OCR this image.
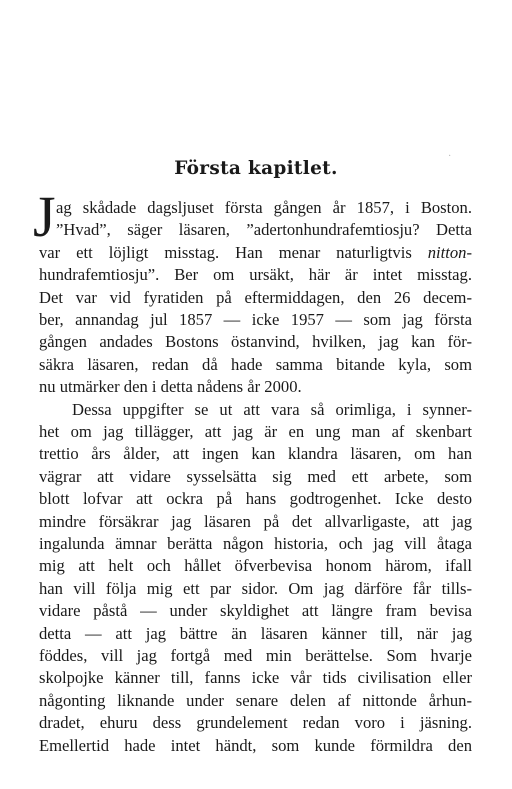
Första kapitlet.
J ag skådade dagsljuset första gången år 1857, i Boston.
”Hvad”, säger läsaren, ”adertonhundrafemtiosju? Detta
var ett löjligt misstag. Han menar naturligtvis nitton-
hundrafemtiosju”. Ber om ursäkt, här är intet misstag.
Det var vid fyratiden på eftermiddagen, den 26 decem-
ber, annandag jul 1857 — icke 1957 — som jag första
gången andades Bostons östanvind, hvilken, jag kan för-
säkra läsaren, redan då hade samma bitande kyla, som
nu utmärker den i detta nådens år 2000.
Dessa uppgifter se ut att vara så orimliga, i synner-
het om jag tillägger, att jag är en ung man af skenbart
trettio års ålder, att ingen kan klandra läsaren, om han
vägrar att vidare sysselsätta sig med ett arbete, som
blott lofvar att ockra på hans godtrogenhet. Icke desto
mindre försäkrar jag läsaren på det allvarligaste, att jag
ingalunda ämnar berätta någon historia, och jag vill åtaga
mig att helt och hållet öfverbevisa honom härom, ifall
han vill följa mig ett par sidor. Om jag därföre får tills-
vidare påstå — under skyldighet att längre fram bevisa
detta — att jag bättre än läsaren känner till, när jag
föddes, vill jag fortgå med min berättelse. Som hvarje
skolpojke känner till, fanns icke vår tids civilisation eller
någonting liknande under senare delen af nittonde århun-
dradet, ehuru dess grundelement redan voro i jäsning.
Emellertid hade intet händt, som kunde förmildra den
·
